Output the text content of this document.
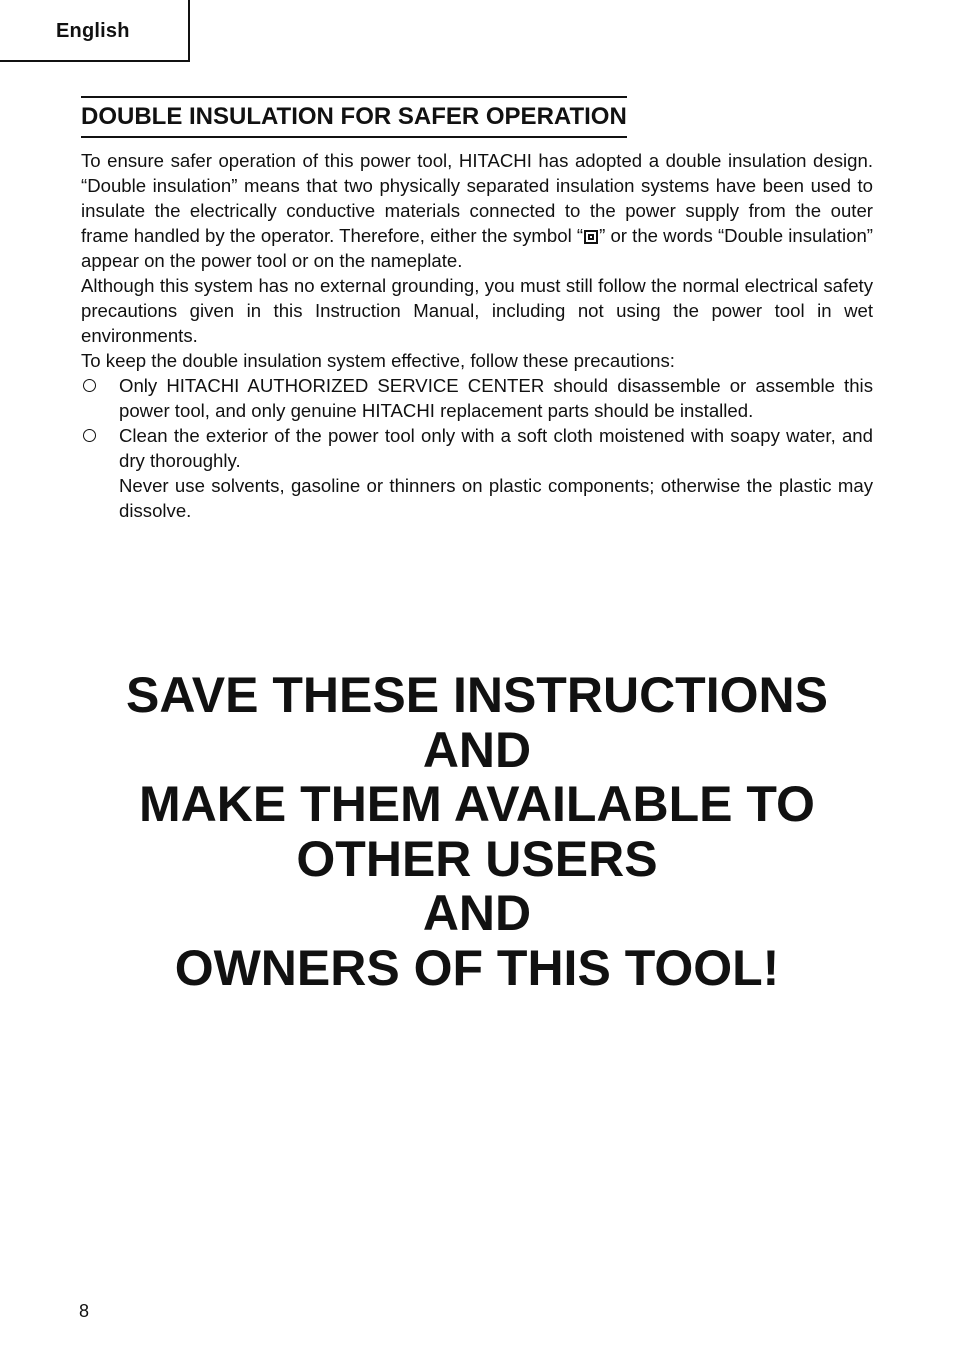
English
DOUBLE INSULATION FOR SAFER OPERATION

To ensure safer operation of this power tool, HITACHI has adopted a double insulation design. “Double insulation” means that two physically separated insulation systems have been used to insulate the electrically conductive materials connected to the power supply from the outer frame handled by the operator. Therefore, either the symbol “ ” or the words “Double insulation” appear on the power tool or on the nameplate.

Although this system has no external grounding, you must still follow the normal electrical safety precautions given in this Instruction Manual, including not using the power tool in wet environments.

To keep the double insulation system effective, follow these precautions:

Only HITACHI AUTHORIZED SERVICE CENTER should disassemble or assemble this power tool, and only genuine HITACHI replacement parts should be installed.

Clean the exterior of the power tool only with a soft cloth moistened with soapy water, and dry thoroughly.

Never use solvents, gasoline or thinners on plastic components; otherwise the plastic may dissolve.

SAVE THESE INSTRUCTIONS
AND
MAKE THEM AVAILABLE TO
OTHER USERS
AND
OWNERS OF THIS TOOL!
8
